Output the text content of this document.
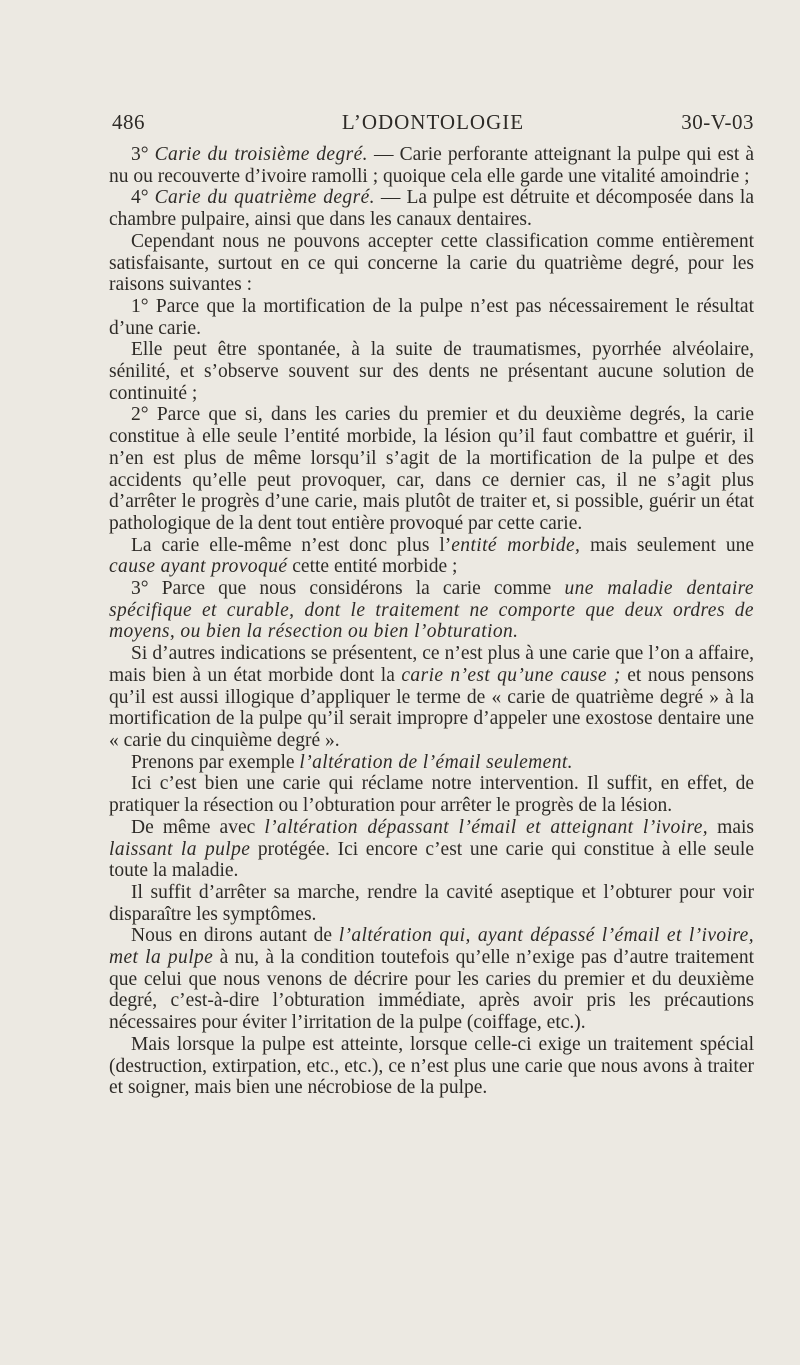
486	L’ODONTOLOGIE	30-V-03

3° Carie du troisième degré. — Carie perforante atteignant la pulpe qui est à nu ou recouverte d’ivoire ramolli ; quoique cela elle garde une vitalité amoindrie ;

4° Carie du quatrième degré. — La pulpe est détruite et décomposée dans la chambre pulpaire, ainsi que dans les canaux dentaires.

Cependant nous ne pouvons accepter cette classification comme entièrement satisfaisante, surtout en ce qui concerne la carie du quatrième degré, pour les raisons suivantes :

1° Parce que la mortification de la pulpe n’est pas nécessairement le résultat d’une carie.

Elle peut être spontanée, à la suite de traumatismes, pyorrhée alvéolaire, sénilité, et s’observe souvent sur des dents ne présentant aucune solution de continuité ;

2° Parce que si, dans les caries du premier et du deuxième degrés, la carie constitue à elle seule l’entité morbide, la lésion qu’il faut combattre et guérir, il n’en est plus de même lorsqu’il s’agit de la mortification de la pulpe et des accidents qu’elle peut provoquer, car, dans ce dernier cas, il ne s’agit plus d’arrêter le progrès d’une carie, mais plutôt de traiter et, si possible, guérir un état pathologique de la dent tout entière provoqué par cette carie.

La carie elle-même n’est donc plus l’entité morbide, mais seulement une cause ayant provoqué cette entité morbide ;

3° Parce que nous considérons la carie comme une maladie dentaire spécifique et curable, dont le traitement ne comporte que deux ordres de moyens, ou bien la résection ou bien l’obturation.

Si d’autres indications se présentent, ce n’est plus à une carie que l’on a affaire, mais bien à un état morbide dont la carie n’est qu’une cause ; et nous pensons qu’il est aussi illogique d’appliquer le terme de « carie de quatrième degré » à la mortification de la pulpe qu’il serait impropre d’appeler une exostose dentaire une « carie du cinquième degré ».

Prenons par exemple l’altération de l’émail seulement.

Ici c’est bien une carie qui réclame notre intervention. Il suffit, en effet, de pratiquer la résection ou l’obturation pour arrêter le progrès de la lésion.

De même avec l’altération dépassant l’émail et atteignant l’ivoire, mais laissant la pulpe protégée. Ici encore c’est une carie qui constitue à elle seule toute la maladie.

Il suffit d’arrêter sa marche, rendre la cavité aseptique et l’obturer pour voir disparaître les symptômes.

Nous en dirons autant de l’altération qui, ayant dépassé l’émail et l’ivoire, met la pulpe à nu, à la condition toutefois qu’elle n’exige pas d’autre traitement que celui que nous venons de décrire pour les caries du premier et du deuxième degré, c’est-à-dire l’obturation immédiate, après avoir pris les précautions nécessaires pour éviter l’irritation de la pulpe (coiffage, etc.).

Mais lorsque la pulpe est atteinte, lorsque celle-ci exige un traitement spécial (destruction, extirpation, etc., etc.), ce n’est plus une carie que nous avons à traiter et soigner, mais bien une nécrobiose de la pulpe.
